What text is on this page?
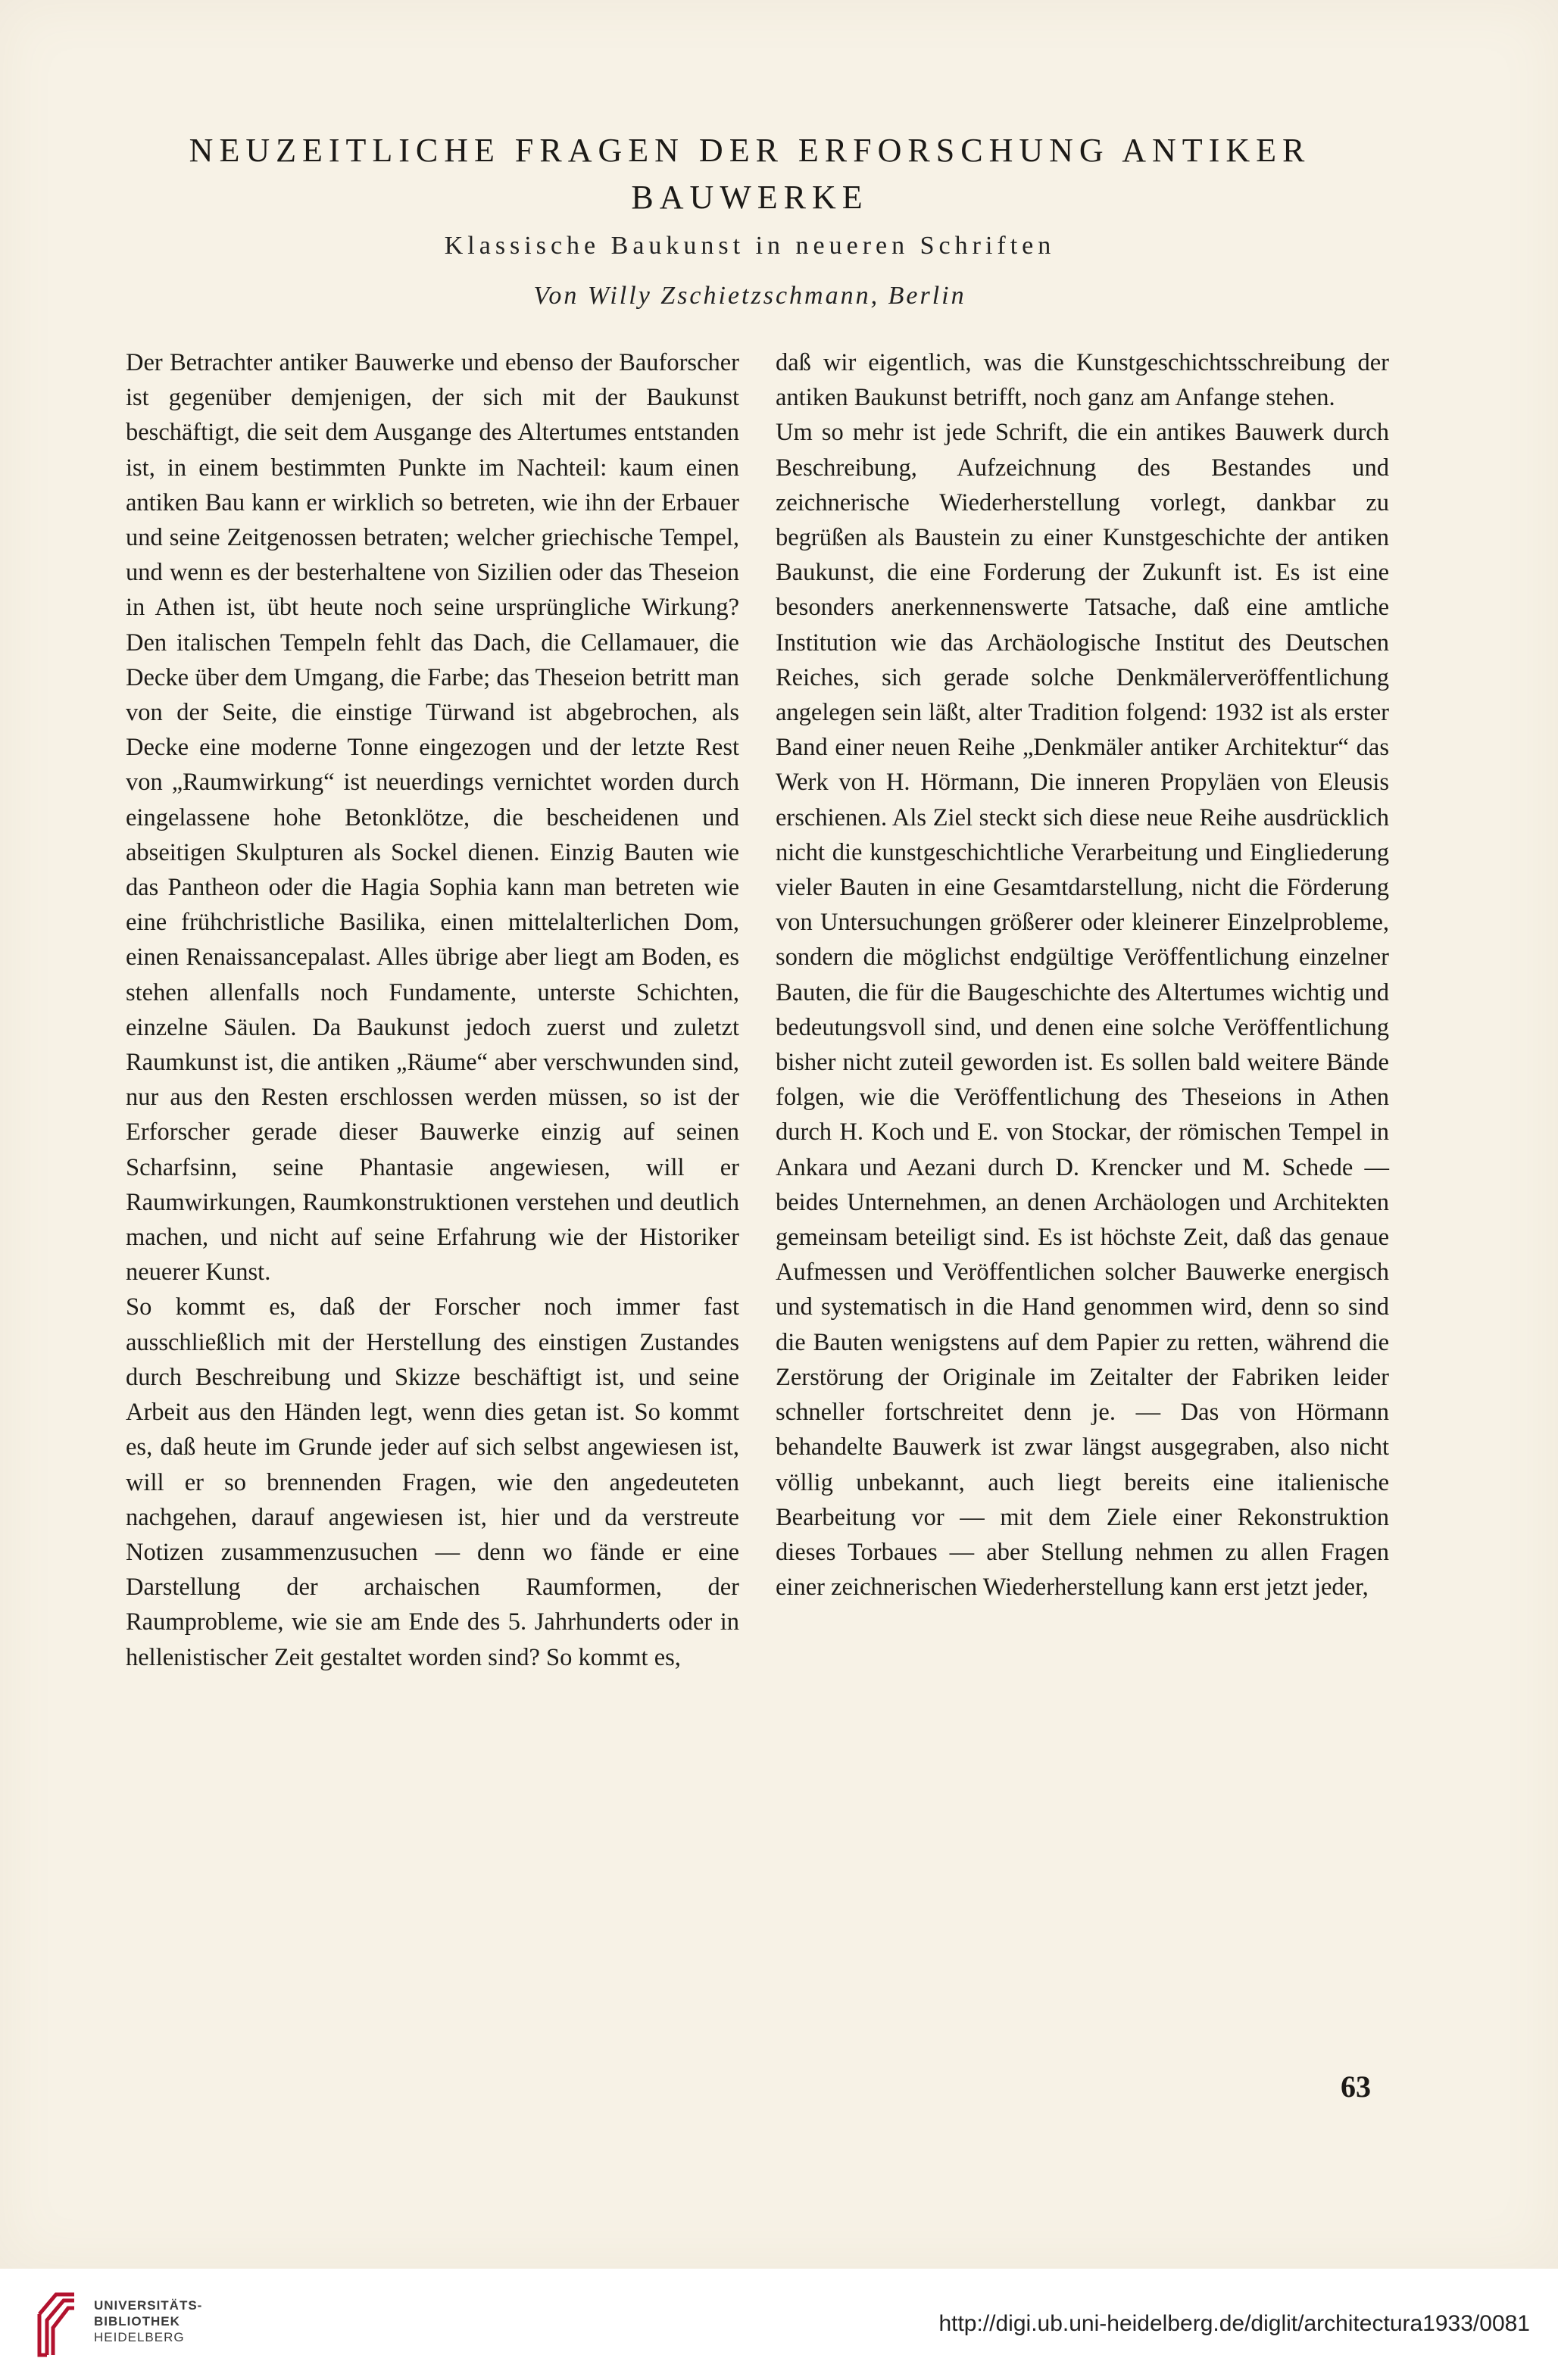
NEUZEITLICHE FRAGEN DER ERFORSCHUNG ANTIKER BAUWERKE

Klassische Baukunst in neueren Schriften

Von Willy Zschietzschmann, Berlin

Der Betrachter antiker Bauwerke und ebenso der Bauforscher ist gegenüber demjenigen, der sich mit der Baukunst beschäftigt, die seit dem Ausgange des Altertumes entstanden ist, in einem bestimmten Punkte im Nachteil: kaum einen antiken Bau kann er wirklich so betreten, wie ihn der Erbauer und seine Zeitgenossen betraten; welcher griechische Tempel, und wenn es der besterhaltene von Sizilien oder das Theseion in Athen ist, übt heute noch seine ursprüngliche Wirkung? Den italischen Tempeln fehlt das Dach, die Cellamauer, die Decke über dem Umgang, die Farbe; das Theseion betritt man von der Seite, die einstige Türwand ist abgebrochen, als Decke eine moderne Tonne eingezogen und der letzte Rest von „Raumwirkung“ ist neuerdings vernichtet worden durch eingelassene hohe Betonklötze, die bescheidenen und abseitigen Skulpturen als Sockel dienen. Einzig Bauten wie das Pantheon oder die Hagia Sophia kann man betreten wie eine frühchristliche Basilika, einen mittelalterlichen Dom, einen Renaissancepalast. Alles übrige aber liegt am Boden, es stehen allenfalls noch Fundamente, unterste Schichten, einzelne Säulen. Da Baukunst jedoch zuerst und zuletzt Raumkunst ist, die antiken „Räume“ aber verschwunden sind, nur aus den Resten erschlossen werden müssen, so ist der Erforscher gerade dieser Bauwerke einzig auf seinen Scharfsinn, seine Phantasie angewiesen, will er Raumwirkungen, Raumkonstruktionen verstehen und deutlich machen, und nicht auf seine Erfahrung wie der Historiker neuerer Kunst.

So kommt es, daß der Forscher noch immer fast ausschließlich mit der Herstellung des einstigen Zustandes durch Beschreibung und Skizze beschäftigt ist, und seine Arbeit aus den Händen legt, wenn dies getan ist. So kommt es, daß heute im Grunde jeder auf sich selbst angewiesen ist, will er so brennenden Fragen, wie den angedeuteten nachgehen, darauf angewiesen ist, hier und da verstreute Notizen zusammenzusuchen — denn wo fände er eine Darstellung der archaischen Raumformen, der Raumprobleme, wie sie am Ende des 5. Jahrhunderts oder in hellenistischer Zeit gestaltet worden sind? So kommt es,

daß wir eigentlich, was die Kunstgeschichtsschreibung der antiken Baukunst betrifft, noch ganz am Anfange stehen.

Um so mehr ist jede Schrift, die ein antikes Bauwerk durch Beschreibung, Aufzeichnung des Bestandes und zeichnerische Wiederherstellung vorlegt, dankbar zu begrüßen als Baustein zu einer Kunstgeschichte der antiken Baukunst, die eine Forderung der Zukunft ist. Es ist eine besonders anerkennenswerte Tatsache, daß eine amtliche Institution wie das Archäologische Institut des Deutschen Reiches, sich gerade solche Denkmälerveröffentlichung angelegen sein läßt, alter Tradition folgend: 1932 ist als erster Band einer neuen Reihe „Denkmäler antiker Architektur“ das Werk von H. Hörmann, Die inneren Propyläen von Eleusis erschienen. Als Ziel steckt sich diese neue Reihe ausdrücklich nicht die kunstgeschichtliche Verarbeitung und Eingliederung vieler Bauten in eine Gesamtdarstellung, nicht die Förderung von Untersuchungen größerer oder kleinerer Einzelprobleme, sondern die möglichst endgültige Veröffentlichung einzelner Bauten, die für die Baugeschichte des Altertumes wichtig und bedeutungsvoll sind, und denen eine solche Veröffentlichung bisher nicht zuteil geworden ist. Es sollen bald weitere Bände folgen, wie die Veröffentlichung des Theseions in Athen durch H. Koch und E. von Stockar, der römischen Tempel in Ankara und Aezani durch D. Krencker und M. Schede — beides Unternehmen, an denen Archäologen und Architekten gemeinsam beteiligt sind. Es ist höchste Zeit, daß das genaue Aufmessen und Veröffentlichen solcher Bauwerke energisch und systematisch in die Hand genommen wird, denn so sind die Bauten wenigstens auf dem Papier zu retten, während die Zerstörung der Originale im Zeitalter der Fabriken leider schneller fortschreitet denn je. — Das von Hörmann behandelte Bauwerk ist zwar längst ausgegraben, also nicht völlig unbekannt, auch liegt bereits eine italienische Bearbeitung vor — mit dem Ziele einer Rekonstruktion dieses Torbaues — aber Stellung nehmen zu allen Fragen einer zeichnerischen Wiederherstellung kann erst jetzt jeder,

63
UNIVERSITÄTS-
BIBLIOTHEK
HEIDELBERG
http://digi.ub.uni-heidelberg.de/diglit/architectura1933/0081
